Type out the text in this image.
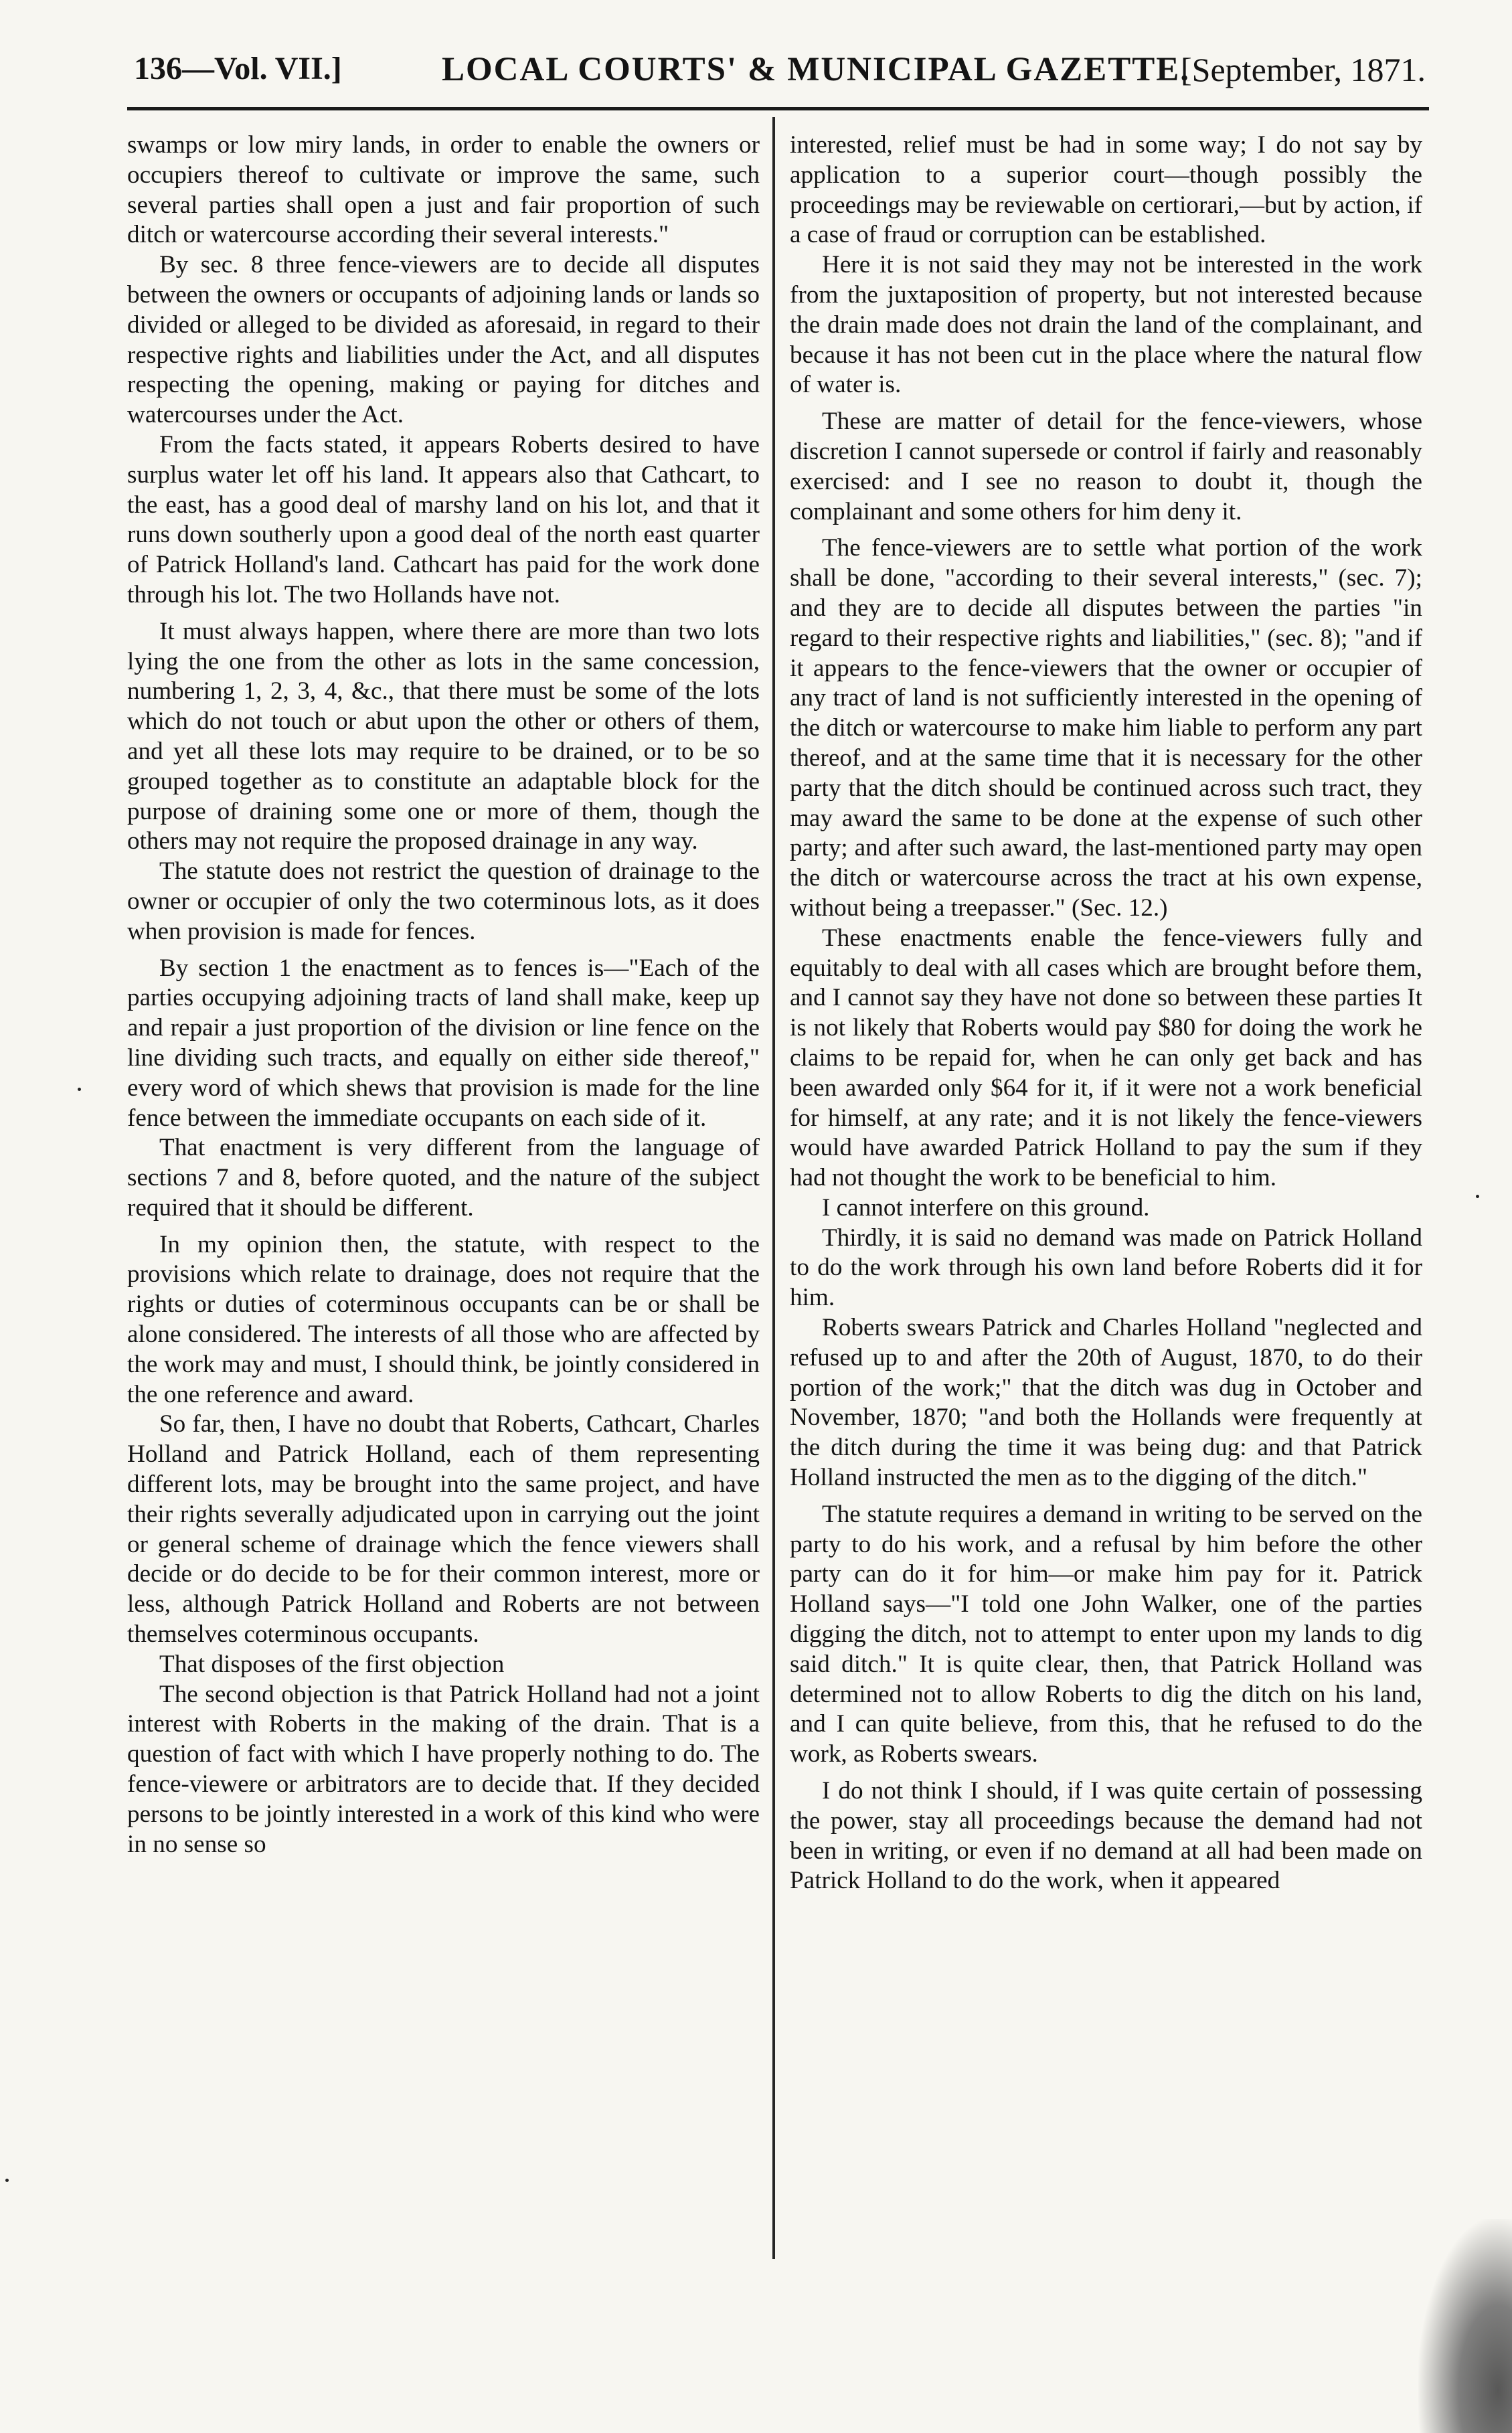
136—Vol. VII.]	LOCAL COURTS' & MUNICIPAL GAZETTE.
[September, 1871.

swamps or low miry lands, in order to enable the owners or occupiers thereof to cultivate or improve the same, such several parties shall open a just and fair proportion of such ditch or watercourse according their several interests."

By sec. 8 three fence-viewers are to decide all disputes between the owners or occupants of adjoining lands or lands so divided or alleged to be divided as aforesaid, in regard to their respective rights and liabilities under the Act, and all disputes respecting the opening, making or paying for ditches and watercourses under the Act.

From the facts stated, it appears Roberts desired to have surplus water let off his land. It appears also that Cathcart, to the east, has a good deal of marshy land on his lot, and that it runs down southerly upon a good deal of the north east quarter of Patrick Holland's land. Cathcart has paid for the work done through his lot. The two Hollands have not.

It must always happen, where there are more than two lots lying the one from the other as lots in the same concession, numbering 1, 2, 3, 4, &c., that there must be some of the lots which do not touch or abut upon the other or others of them, and yet all these lots may require to be drained, or to be so grouped together as to constitute an adaptable block for the purpose of draining some one or more of them, though the others may not require the proposed drainage in any way.

The statute does not restrict the question of drainage to the owner or occupier of only the two coterminous lots, as it does when provision is made for fences.

By section 1 the enactment as to fences is—"Each of the parties occupying adjoining tracts of land shall make, keep up and repair a just proportion of the division or line fence on the line dividing such tracts, and equally on either side thereof," every word of which shews that provision is made for the line fence between the immediate occupants on each side of it.

That enactment is very different from the language of sections 7 and 8, before quoted, and the nature of the subject required that it should be different.

In my opinion then, the statute, with respect to the provisions which relate to drainage, does not require that the rights or duties of coterminous occupants can be or shall be alone considered. The interests of all those who are affected by the work may and must, I should think, be jointly considered in the one reference and award.

So far, then, I have no doubt that Roberts, Cathcart, Charles Holland and Patrick Holland, each of them representing different lots, may be brought into the same project, and have their rights severally adjudicated upon in carrying out the joint or general scheme of drainage which the fence viewers shall decide or do decide to be for their common interest, more or less, although Patrick Holland and Roberts are not between themselves coterminous occupants.

That disposes of the first objection

The second objection is that Patrick Holland had not a joint interest with Roberts in the making of the drain. That is a question of fact with which I have properly nothing to do. The fence-viewere or arbitrators are to decide that. If they decided persons to be jointly interested in a work of this kind who were in no sense so

interested, relief must be had in some way; I do not say by application to a superior court—though possibly the proceedings may be reviewable on certiorari,—but by action, if a case of fraud or corruption can be established.

Here it is not said they may not be interested in the work from the juxtaposition of property, but not interested because the drain made does not drain the land of the complainant, and because it has not been cut in the place where the natural flow of water is.

These are matter of detail for the fence-viewers, whose discretion I cannot supersede or control if fairly and reasonably exercised: and I see no reason to doubt it, though the complainant and some others for him deny it.

The fence-viewers are to settle what portion of the work shall be done, "according to their several interests," (sec. 7); and they are to decide all disputes between the parties "in regard to their respective rights and liabilities," (sec. 8); "and if it appears to the fence-viewers that the owner or occupier of any tract of land is not sufficiently interested in the opening of the ditch or watercourse to make him liable to perform any part thereof, and at the same time that it is necessary for the other party that the ditch should be continued across such tract, they may award the same to be done at the expense of such other party; and after such award, the last-mentioned party may open the ditch or watercourse across the tract at his own expense, without being a treepasser." (Sec. 12.)

These enactments enable the fence-viewers fully and equitably to deal with all cases which are brought before them, and I cannot say they have not done so between these parties It is not likely that Roberts would pay $80 for doing the work he claims to be repaid for, when he can only get back and has been awarded only $64 for it, if it were not a work beneficial for himself, at any rate; and it is not likely the fence-viewers would have awarded Patrick Holland to pay the sum if they had not thought the work to be beneficial to him.

I cannot interfere on this ground.

Thirdly, it is said no demand was made on Patrick Holland to do the work through his own land before Roberts did it for him.

Roberts swears Patrick and Charles Holland "neglected and refused up to and after the 20th of August, 1870, to do their portion of the work;" that the ditch was dug in October and November, 1870; "and both the Hollands were frequently at the ditch during the time it was being dug: and that Patrick Holland instructed the men as to the digging of the ditch."

The statute requires a demand in writing to be served on the party to do his work, and a refusal by him before the other party can do it for him—or make him pay for it. Patrick Holland says—"I told one John Walker, one of the parties digging the ditch, not to attempt to enter upon my lands to dig said ditch." It is quite clear, then, that Patrick Holland was determined not to allow Roberts to dig the ditch on his land, and I can quite believe, from this, that he refused to do the work, as Roberts swears.

I do not think I should, if I was quite certain of possessing the power, stay all proceedings because the demand had not been in writing, or even if no demand at all had been made on Patrick Holland to do the work, when it appeared
